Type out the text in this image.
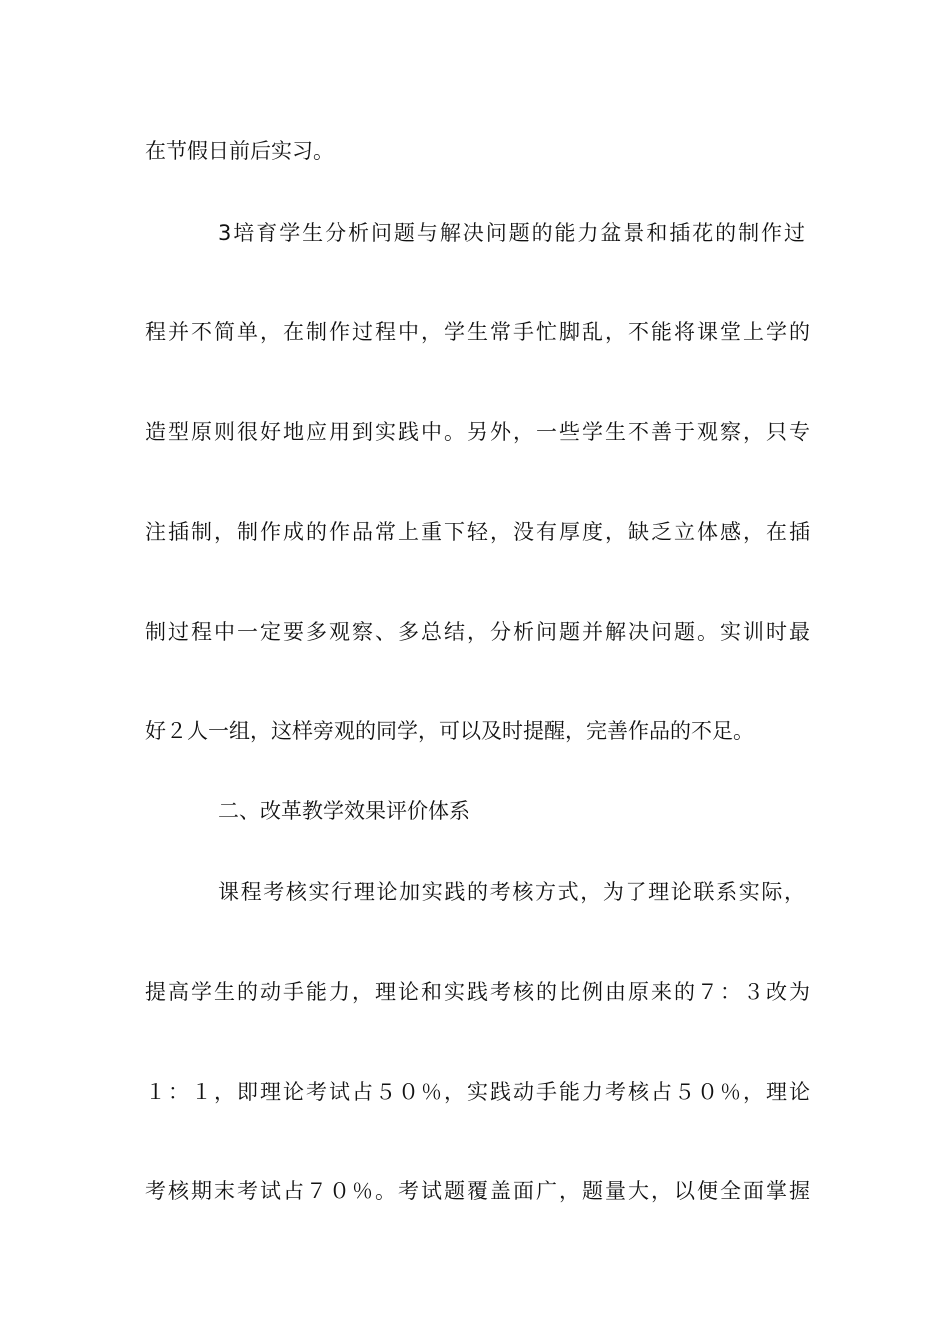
在节假日前后实习。
3培育学生分析问题与解决问题的能力盆景和插花的制作过
程并不简单，在制作过程中，学生常手忙脚乱，不能将课堂上学的
造型原则很好地应用到实践中。另外，一些学生不善于观察，只专
注插制，制作成的作品常上重下轻，没有厚度，缺乏立体感，在插
制过程中一定要多观察、多总结，分析问题并解决问题。实训时最
好２人一组，这样旁观的同学，可以及时提醒，完善作品的不足。
二、改革教学效果评价体系
课程考核实行理论加实践的考核方式，为了理论联系实际，
提高学生的动手能力，理论和实践考核的比例由原来的７：３改为
１：１，即理论考试占５０％，实践动手能力考核占５０％，理论
考核期末考试占７０％。考试题覆盖面广，题量大，以便全面掌握
